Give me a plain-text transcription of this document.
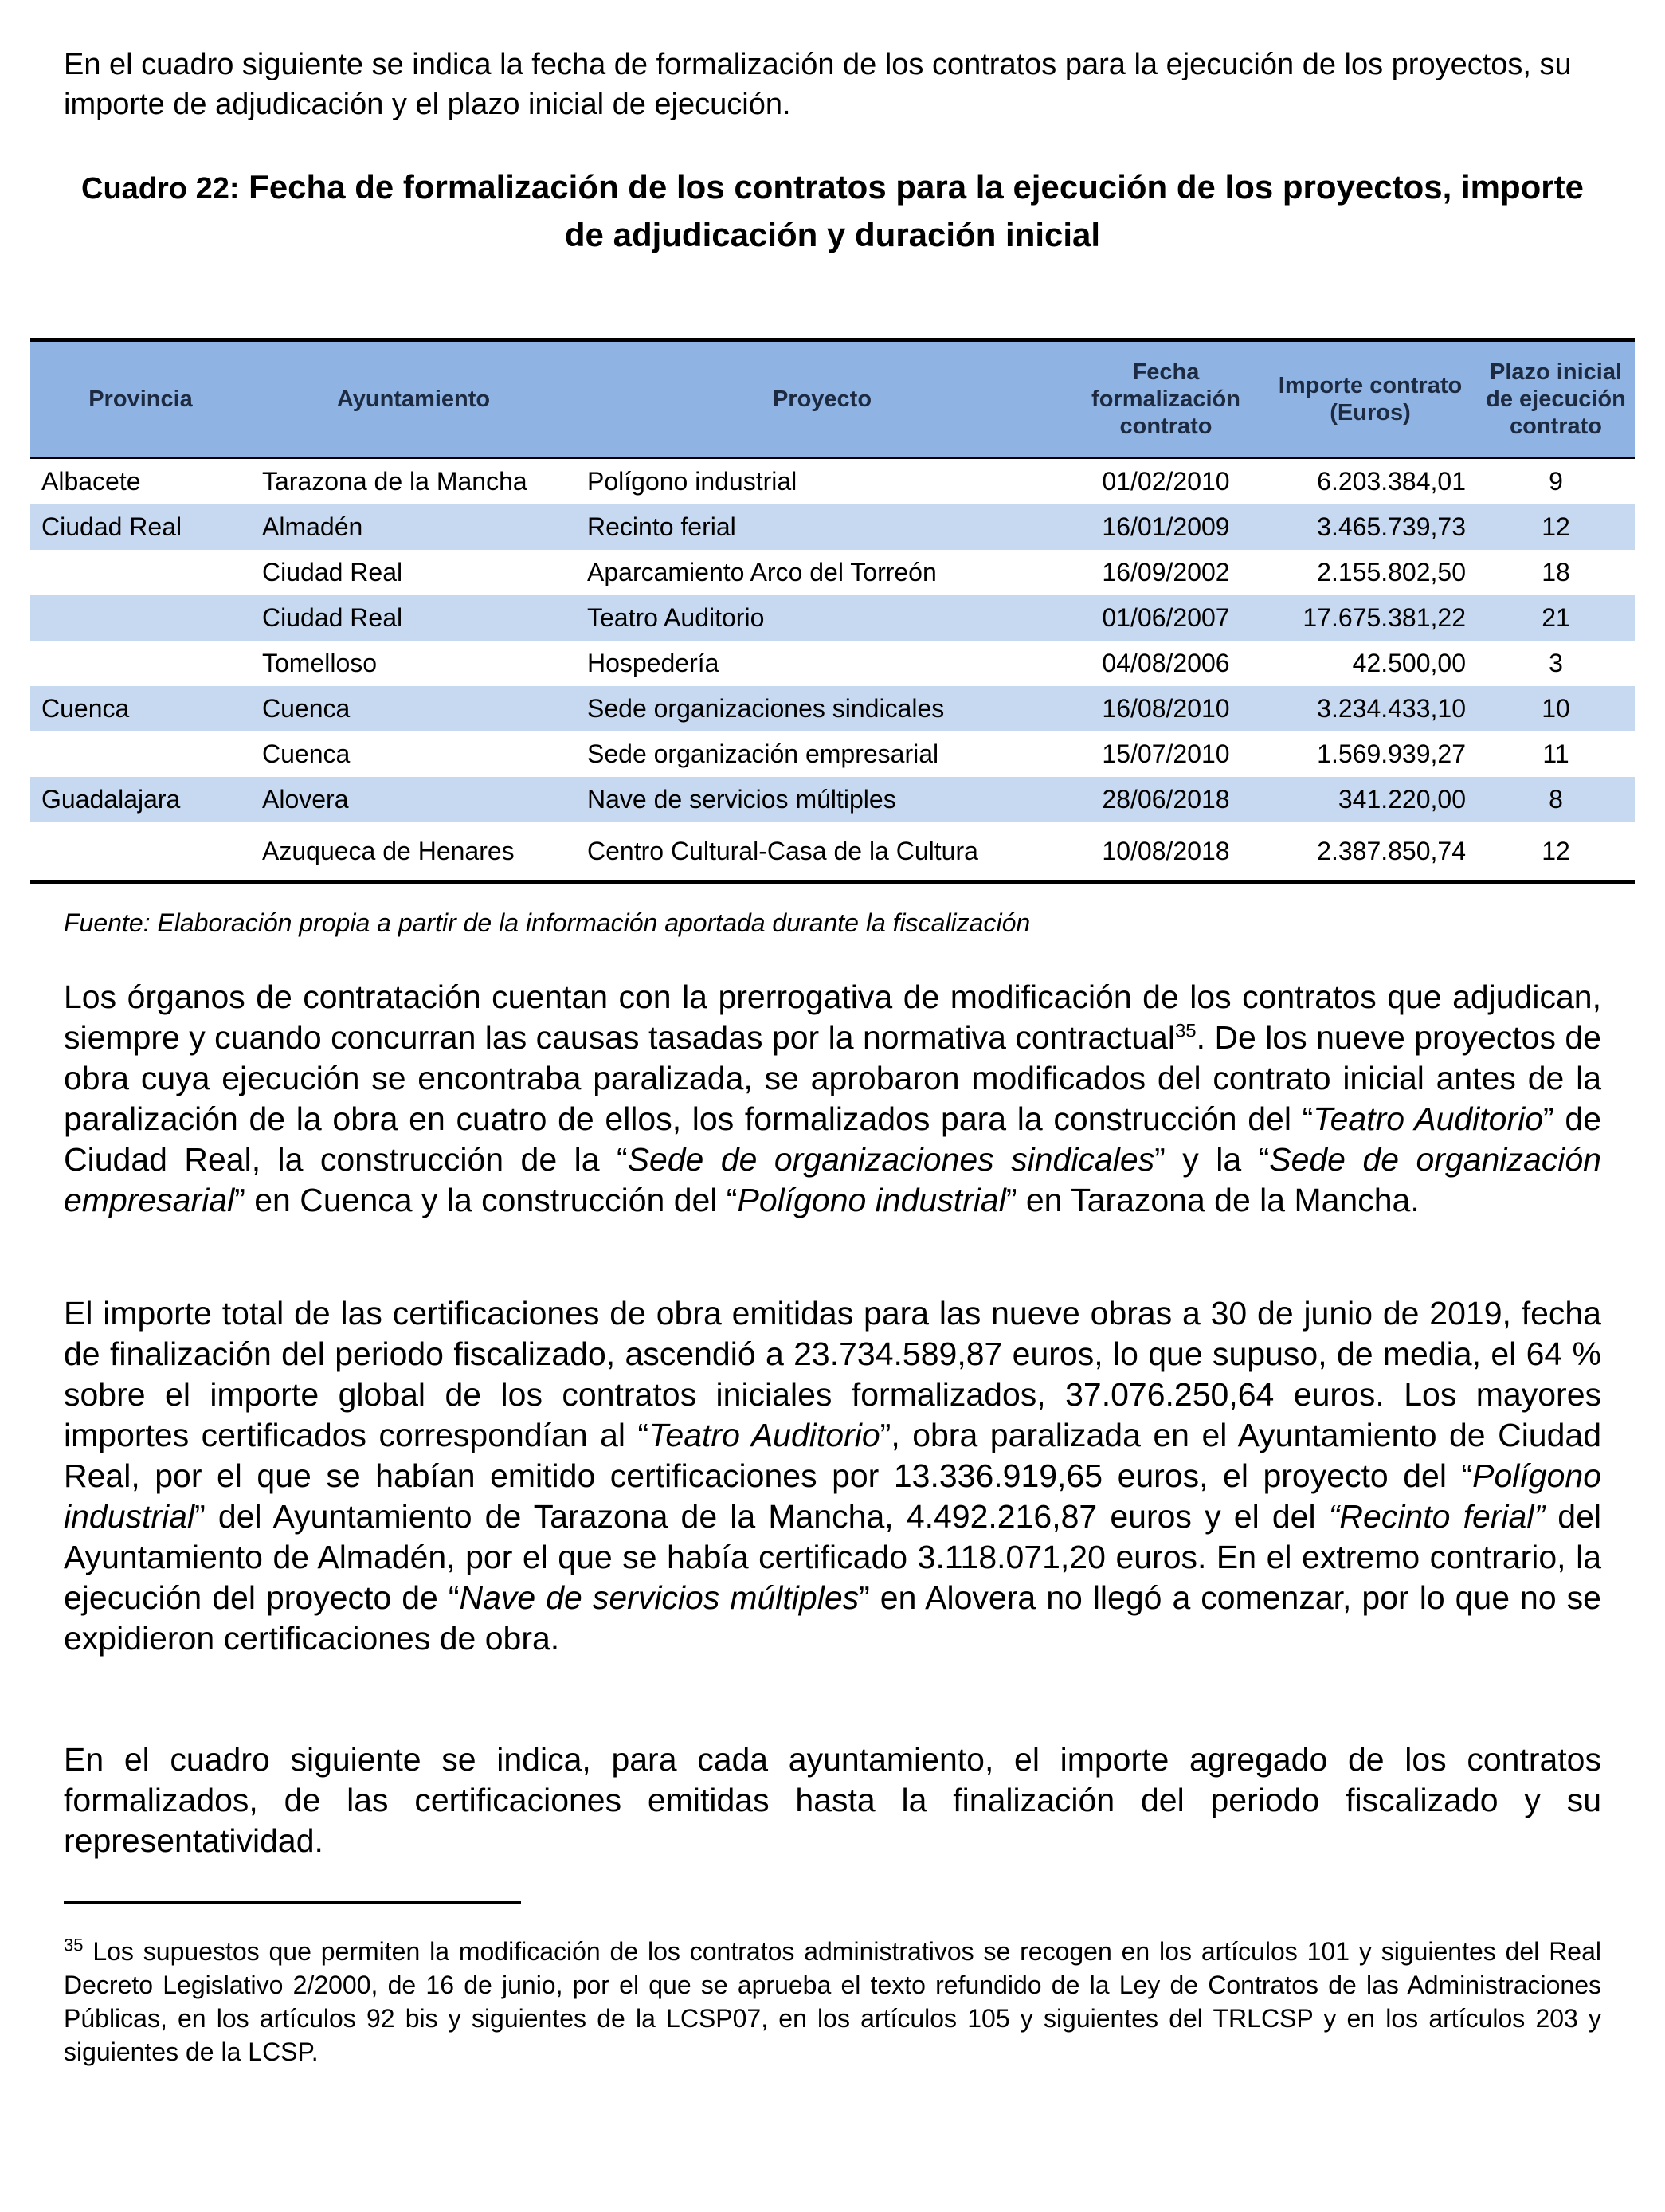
En el cuadro siguiente se indica la fecha de formalización de los contratos para la ejecución de los proyectos, su importe de adjudicación y el plazo inicial de ejecución.

Cuadro 22: Fecha de formalización de los contratos para la ejecución de los proyectos, importe de adjudicación y duración inicial
Provincia	Ayuntamiento	Proyecto	Fecha formalización contrato	Importe contrato (Euros)	Plazo inicial de ejecución contrato
Albacete	Tarazona de la Mancha	Polígono industrial	01/02/2010	6.203.384,01	9
Ciudad Real	Almadén	Recinto ferial	16/01/2009	3.465.739,73	12
	Ciudad Real	Aparcamiento Arco del Torreón	16/09/2002	2.155.802,50	18
	Ciudad Real	Teatro Auditorio	01/06/2007	17.675.381,22	21
	Tomelloso	Hospedería	04/08/2006	42.500,00	3
Cuenca	Cuenca	Sede organizaciones sindicales	16/08/2010	3.234.433,10	10
	Cuenca	Sede organización empresarial	15/07/2010	1.569.939,27	11
Guadalajara	Alovera	Nave de servicios múltiples	28/06/2018	341.220,00	8
	Azuqueca de Henares	Centro Cultural-Casa de la Cultura	10/08/2018	2.387.850,74	12

Fuente: Elaboración propia a partir de la información aportada durante la fiscalización

Los órganos de contratación cuentan con la prerrogativa de modificación de los contratos que adjudican, siempre y cuando concurran las causas tasadas por la normativa contractual$^{35}$. De los nueve proyectos de obra cuya ejecución se encontraba paralizada, se aprobaron modificados del contrato inicial antes de la paralización de la obra en cuatro de ellos, los formalizados para la construcción del “Teatro Auditorio” de Ciudad Real, la construcción de la “Sede de organizaciones sindicales” y la “Sede de organización empresarial” en Cuenca y la construcción del “Polígono industrial” en Tarazona de la Mancha.

El importe total de las certificaciones de obra emitidas para las nueve obras a 30 de junio de 2019, fecha de finalización del periodo fiscalizado, ascendió a 23.734.589,87 euros, lo que supuso, de media, el 64 % sobre el importe global de los contratos iniciales formalizados, 37.076.250,64 euros. Los mayores importes certificados correspondían al “Teatro Auditorio”, obra paralizada en el Ayuntamiento de Ciudad Real, por el que se habían emitido certificaciones por 13.336.919,65 euros, el proyecto del “Polígono industrial” del Ayuntamiento de Tarazona de la Mancha, 4.492.216,87 euros y el del “Recinto ferial” del Ayuntamiento de Almadén, por el que se había certificado 3.118.071,20 euros. En el extremo contrario, la ejecución del proyecto de “Nave de servicios múltiples” en Alovera no llegó a comenzar, por lo que no se expidieron certificaciones de obra.

En el cuadro siguiente se indica, para cada ayuntamiento, el importe agregado de los contratos formalizados, de las certificaciones emitidas hasta la finalización del periodo fiscalizado y su representatividad.

$^{35}$ Los supuestos que permiten la modificación de los contratos administrativos se recogen en los artículos 101 y siguientes del Real Decreto Legislativo 2/2000, de 16 de junio, por el que se aprueba el texto refundido de la Ley de Contratos de las Administraciones Públicas, en los artículos 92 bis y siguientes de la LCSP07, en los artículos 105 y siguientes del TRLCSP y en los artículos 203 y siguientes de la LCSP.
